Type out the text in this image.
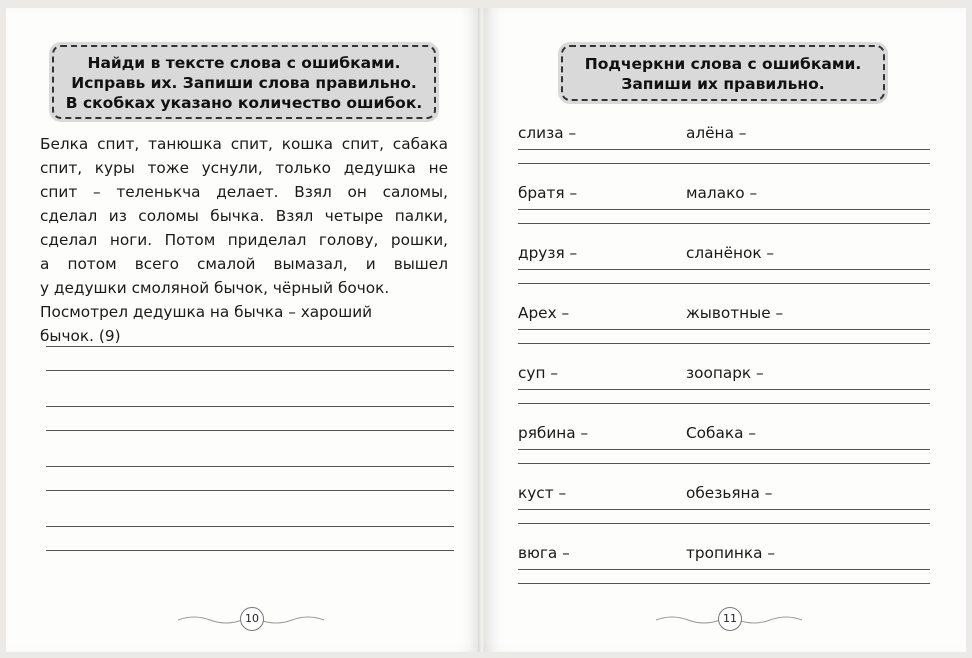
Найди в тексте слова с ошибками.
Исправь их. Запиши слова правильно.
В скобках указано количество ошибок.
Белка спит, танюшка спит, кошка спит, сабака
спит, куры тоже уснули, только дедушка не
спит – теленькча делает. Взял он саломы,
сделал из соломы бычка. Взял четыре палки,
сделал ноги. Потом приделал голову, рошки,
а потом всего смалой вымазал, и вышел
у дедушки смоляной бычок, чёрный бочок.
Посмотрел дедушка на бычка – хароший
бычок. (9)
10
Подчеркни слова с ошибками.
Запиши их правильно.
слиза –	алёна –
братя –	малако –
друзя –	сланёнок –
Арех –	жывотные –
суп –	зоопарк –
рябина –	Собака –
куст –	обезьяна –
вюга –	тропинка –
11
